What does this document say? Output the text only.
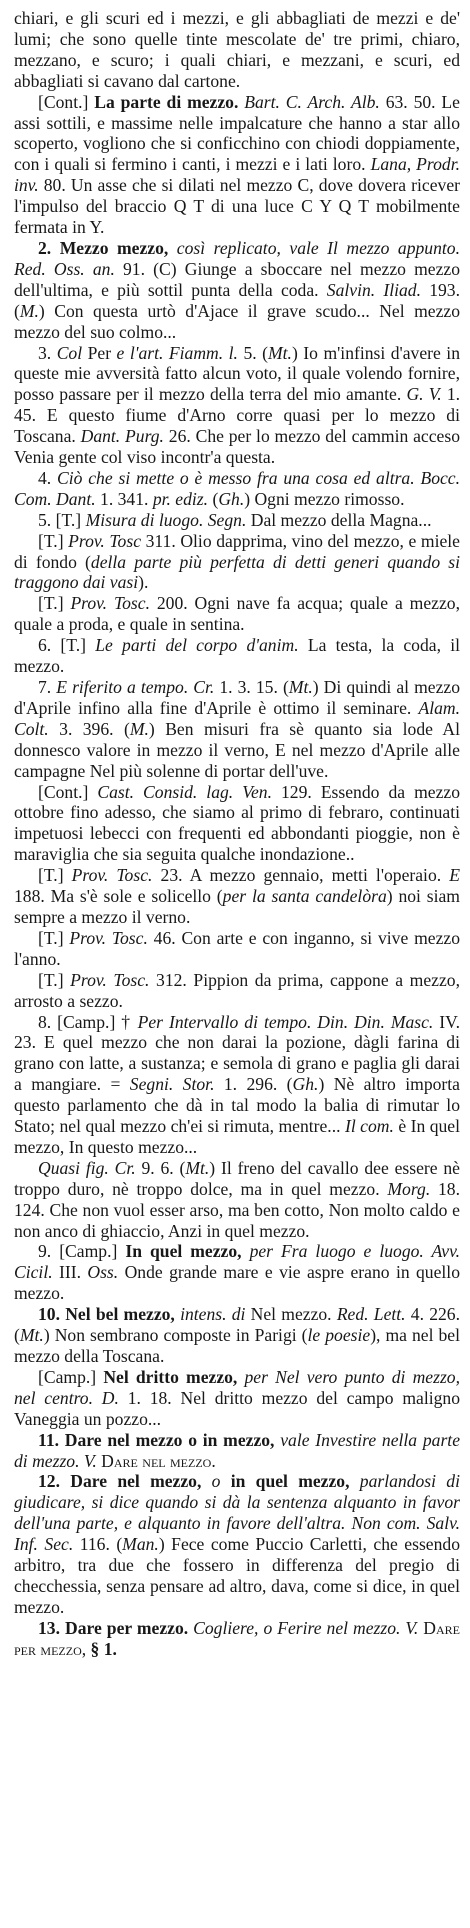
chiari, e gli scuri ed i mezzi, e gli abbagliati de mezzi e de' lumi; che sono quelle tinte mescolate de' tre primi, chiaro, mezzano, e scuro; i quali chiari, e mezzani, e scuri, ed abbagliati si cavano dal cartone.

[Cont.] La parte di mezzo. Bart. C. Arch. Alb. 63. 50. Le assi sottili, e massime nelle impalcature che hanno a star allo scoperto, vogliono che si conficchino con chiodi doppiamente, con i quali si fermino i canti, i mezzi e i lati loro. Lana, Prodr. inv. 80. Un asse che si dilati nel mezzo C, dove dovera ricever l'impulso del braccio Q T di una luce C Y Q T mobilmente fermata in Y.

2. Mezzo mezzo, così replicato, vale Il mezzo appunto. Red. Oss. an. 91. (C) Giunge a sboccare nel mezzo mezzo dell'ultima, e più sottil punta della coda. Salvin. Iliad. 193. (M.) Con questa urtò d'Ajace il grave scudo... Nel mezzo mezzo del suo colmo...

3. Col Per e l'art. Fiamm. l. 5. (Mt.) Io m'infinsi d'avere in queste mie avversità fatto alcun voto, il quale volendo fornire, posso passare per il mezzo della terra del mio amante. G. V. 1. 45. E questo fiume d'Arno corre quasi per lo mezzo di Toscana. Dant. Purg. 26. Che per lo mezzo del cammin acceso Venia gente col viso incontr'a questa.

4. Ciò che si mette o è messo fra una cosa ed altra. Bocc. Com. Dant. 1. 341. pr. ediz. (Gh.) Ogni mezzo rimosso.

5. [T.] Misura di luogo. Segn. Dal mezzo della Magna...

[T.] Prov. Tosc 311. Olio dapprima, vino del mezzo, e miele di fondo (della parte più perfetta di detti generi quando si traggono dai vasi).

[T.] Prov. Tosc. 200. Ogni nave fa acqua; quale a mezzo, quale a proda, e quale in sentina.

6. [T.] Le parti del corpo d'anim. La testa, la coda, il mezzo.

7. E riferito a tempo. Cr. 1. 3. 15. (Mt.) Di quindi al mezzo d'Aprile infino alla fine d'Aprile è ottimo il seminare. Alam. Colt. 3. 396. (M.) Ben misuri fra sè quanto sia lode Al donnesco valore in mezzo il verno, E nel mezzo d'Aprile alle campagne Nel più solenne di portar dell'uve.

[Cont.] Cast. Consid. lag. Ven. 129. Essendo da mezzo ottobre fino adesso, che siamo al primo di febraro, continuati impetuosi lebecci con frequenti ed abbondanti pioggie, non è maraviglia che sia seguita qualche inondazione..

[T.] Prov. Tosc. 23. A mezzo gennaio, metti l'operaio. E 188. Ma s'è sole e solicello (per la santa candelòra) noi siam sempre a mezzo il verno.

[T.] Prov. Tosc. 46. Con arte e con inganno, si vive mezzo l'anno.

[T.] Prov. Tosc. 312. Pippion da prima, cappone a mezzo, arrosto a sezzo.

8. [Camp.] † Per Intervallo di tempo. Din. Din. Masc. IV. 23. E quel mezzo che non darai la pozione, dàgli farina di grano con latte, a sustanza; e semola di grano e paglia gli darai a mangiare. = Segni. Stor. 1. 296. (Gh.) Nè altro importa questo parlamento che dà in tal modo la balia di rimutar lo Stato; nel qual mezzo ch'ei si rimuta, mentre... Il com. è In quel mezzo, In questo mezzo...

Quasi fig. Cr. 9. 6. (Mt.) Il freno del cavallo dee essere nè troppo duro, nè troppo dolce, ma in quel mezzo. Morg. 18. 124. Che non vuol esser arso, ma ben cotto, Non molto caldo e non anco di ghiaccio, Anzi in quel mezzo.

9. [Camp.] In quel mezzo, per Fra luogo e luogo. Avv. Cicil. III. Oss. Onde grande mare e vie aspre erano in quello mezzo.

10. Nel bel mezzo, intens. di Nel mezzo. Red. Lett. 4. 226. (Mt.) Non sembrano composte in Parigi (le poesie), ma nel bel mezzo della Toscana.

[Camp.] Nel dritto mezzo, per Nel vero punto di mezzo, nel centro. D. 1. 18. Nel dritto mezzo del campo maligno Vaneggia un pozzo...

11. Dare nel mezzo o in mezzo, vale Investire nella parte di mezzo. V. Dare nel mezzo.

12. Dare nel mezzo, o in quel mezzo, parlandosi di giudicare, si dice quando si dà la sentenza alquanto in favor dell'una parte, e alquanto in favore dell'altra. Non com. Salv. Inf. Sec. 116. (Man.) Fece come Puccio Carletti, che essendo arbitro, tra due che fossero in differenza del pregio di checchessia, senza pensare ad altro, dava, come si dice, in quel mezzo.

13. Dare per mezzo. Cogliere, o Ferire nel mezzo. V. Dare per mezzo, § 1.
